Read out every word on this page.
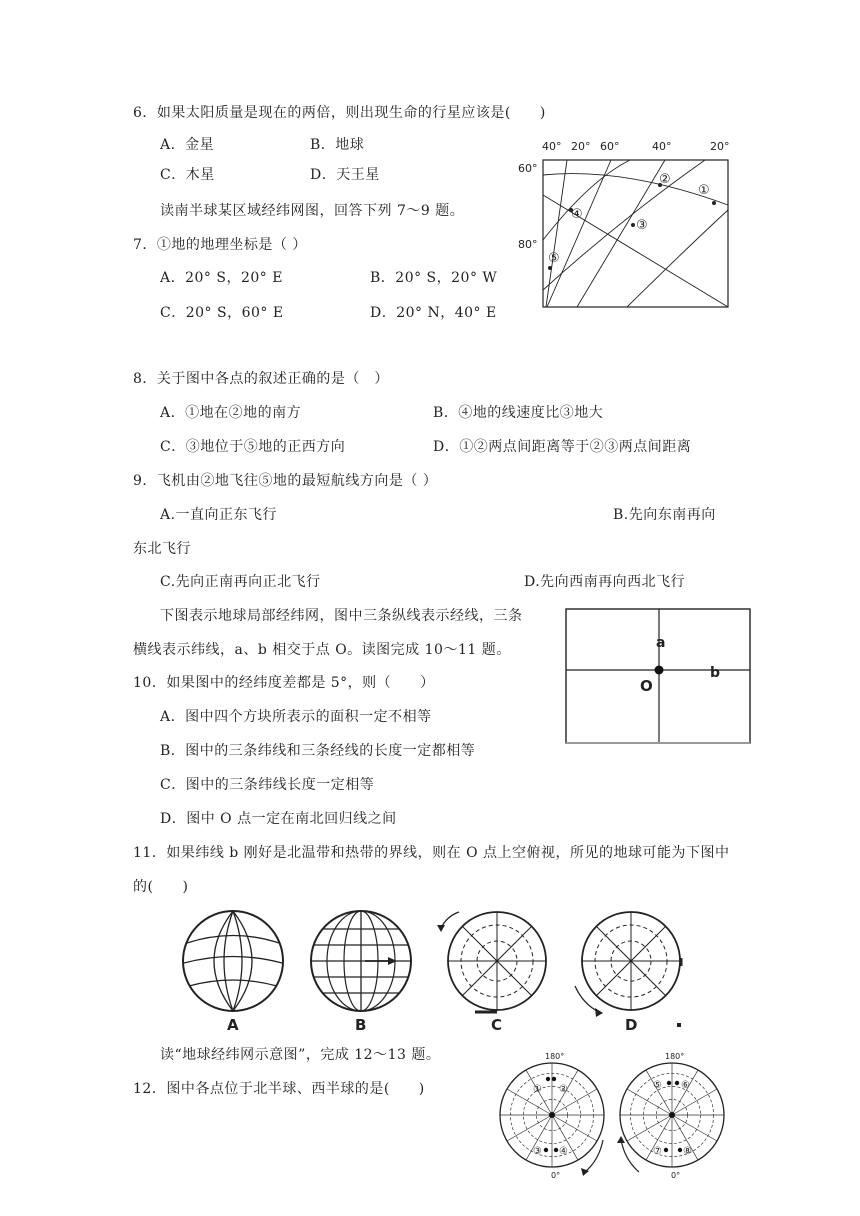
6．如果太阳质量是现在的两倍，则出现生命的行星应该是(　　)
A．金星	B．地球
C．木星	D．天王星
读南半球某区域经纬网图，回答下列 7～9 题。
7．①地的地理坐标是（ ）
A．20° S，20° E	B．20° S，20° W
C．20° S，60° E	D．20° N，40° E
40° 20° 60°	40°	20°
60°
80°
①
②
③
④
⑤
8．关于图中各点的叙述正确的是（　）
A．①地在②地的南方	B．④地的线速度比③地大
C．③地位于⑤地的正西方向	D．①②两点间距离等于②③两点间距离
9．飞机由②地飞往⑤地的最短航线方向是（ ）
A.一直向正东飞行	B.先向东南再向
东北飞行
C.先向正南再向正北飞行	D.先向西南再向西北飞行
下图表示地球局部经纬网，图中三条纵线表示经线，三条
横线表示纬线，a、b 相交于点 O。读图完成 10～11 题。	a
O
b
10．如果图中的经纬度差都是 5°，则（　　）
A．图中四个方块所表示的面积一定不相等
B．图中的三条纬线和三条经线的长度一定都相等
C．图中的三条纬线长度一定相等
D．图中 O 点一定在南北回归线之间
11．如果纬线 b 刚好是北温带和热带的界线，则在 O 点上空俯视，所见的地球可能为下图中
的(　　)
A	B	C	D
读“地球经纬网示意图”，完成 12～13 题。
12．图中各点位于北半球、西半球的是(　　)
180°
0°
① ②
③ ④
180°
0°
⑤ ⑥
⑦ ⑧
